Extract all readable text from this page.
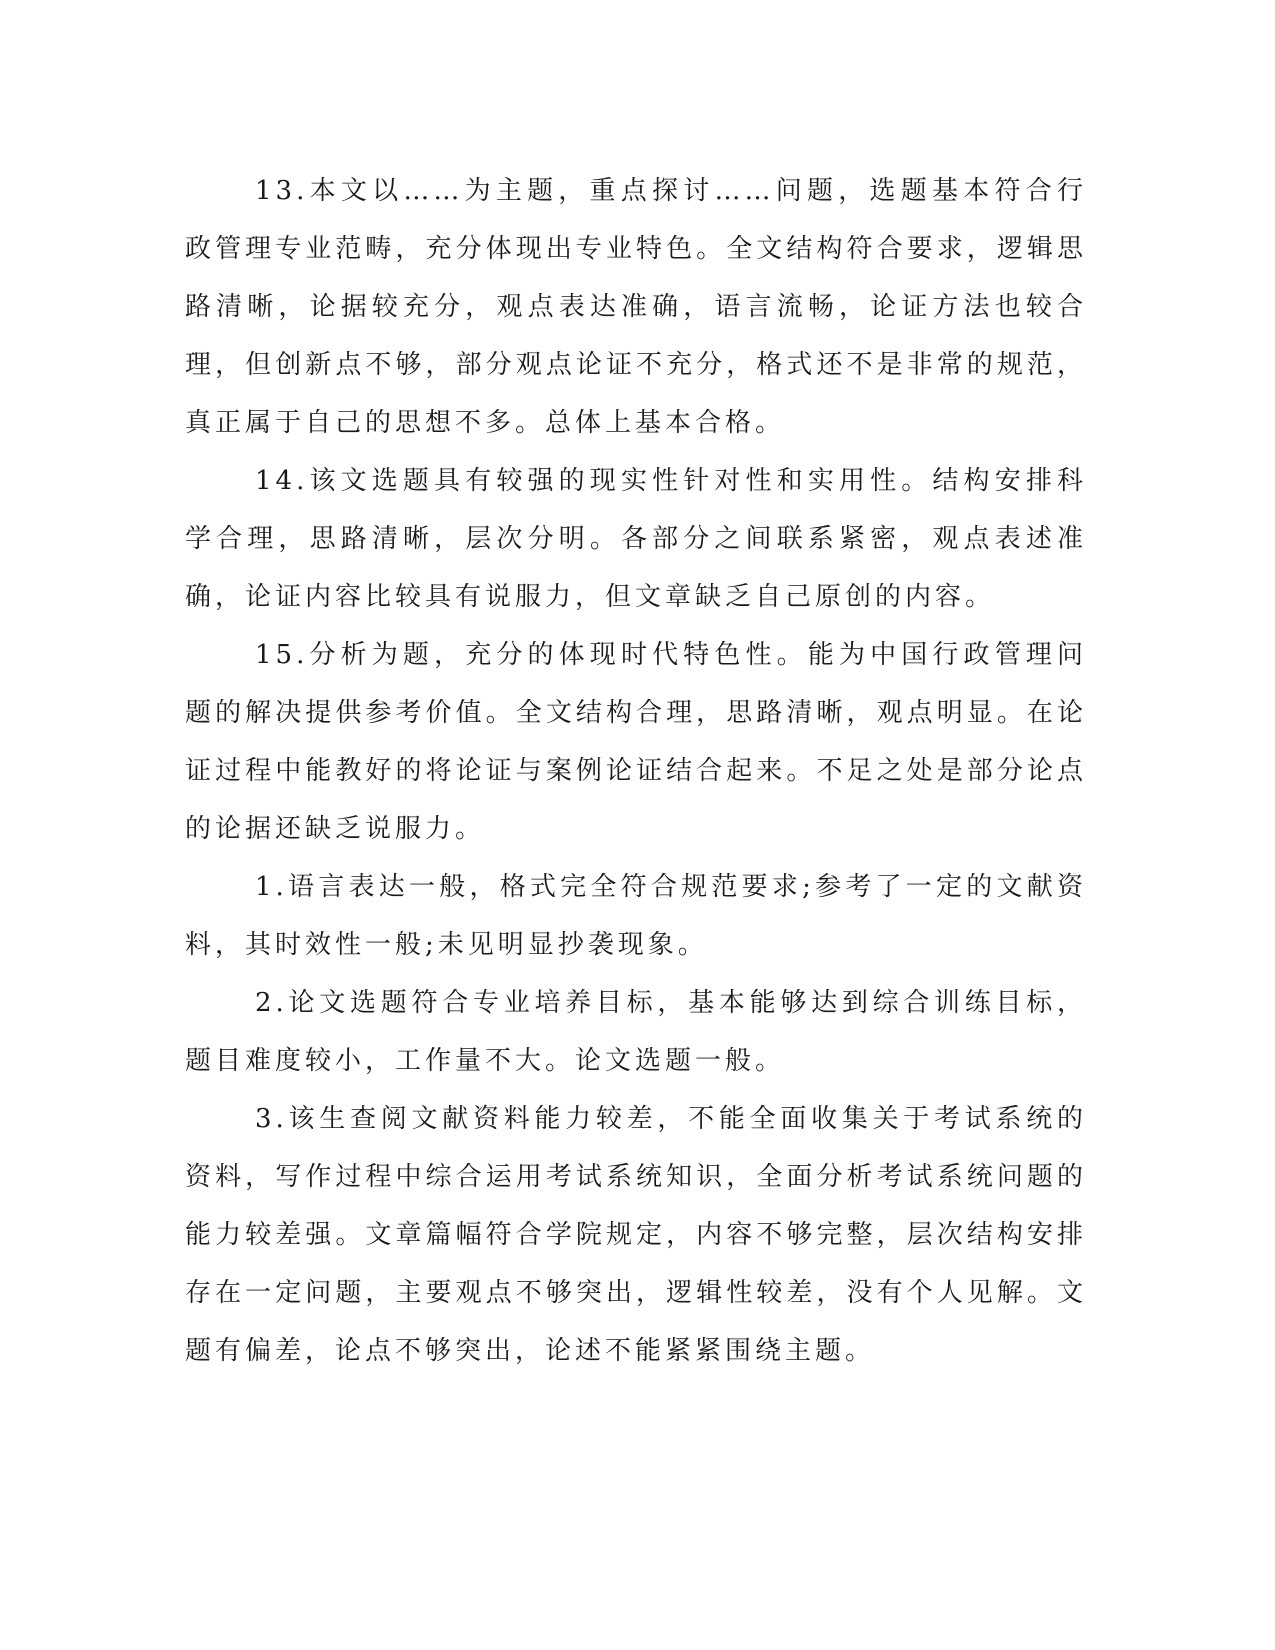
13.本文以……为主题，重点探讨……问题，选题基本符合行政管理专业范畴，充分体现出专业特色。全文结构符合要求，逻辑思路清晰，论据较充分，观点表达准确，语言流畅，论证方法也较合理，但创新点不够，部分观点论证不充分，格式还不是非常的规范，真正属于自己的思想不多。总体上基本合格。

14.该文选题具有较强的现实性针对性和实用性。结构安排科学合理，思路清晰，层次分明。各部分之间联系紧密，观点表述准确，论证内容比较具有说服力，但文章缺乏自己原创的内容。

15.分析为题，充分的体现时代特色性。能为中国行政管理问题的解决提供参考价值。全文结构合理，思路清晰，观点明显。在论证过程中能教好的将论证与案例论证结合起来。不足之处是部分论点的论据还缺乏说服力。

1.语言表达一般，格式完全符合规范要求;参考了一定的文献资料，其时效性一般;未见明显抄袭现象。

2.论文选题符合专业培养目标，基本能够达到综合训练目标，题目难度较小，工作量不大。论文选题一般。

3.该生查阅文献资料能力较差，不能全面收集关于考试系统的资料，写作过程中综合运用考试系统知识，全面分析考试系统问题的能力较差强。文章篇幅符合学院规定，内容不够完整，层次结构安排存在一定问题，主要观点不够突出，逻辑性较差，没有个人见解。文题有偏差，论点不够突出，论述不能紧紧围绕主题。
